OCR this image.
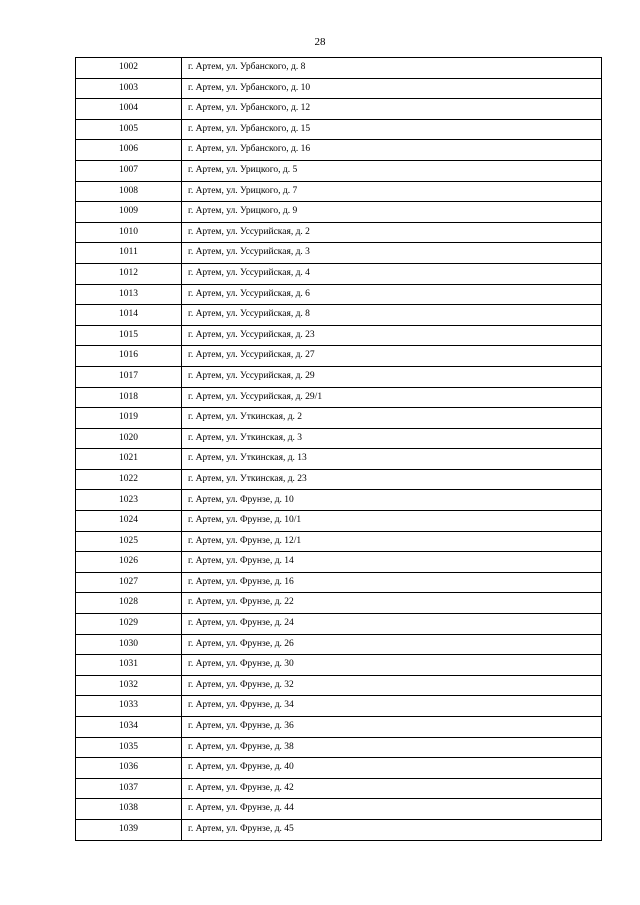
28
1002	г. Артем, ул. Урбанского, д. 8
1003	г. Артем, ул. Урбанского, д. 10
1004	г. Артем, ул. Урбанского, д. 12
1005	г. Артем, ул. Урбанского, д. 15
1006	г. Артем, ул. Урбанского, д. 16
1007	г. Артем, ул. Урицкого, д. 5
1008	г. Артем, ул. Урицкого, д. 7
1009	г. Артем, ул. Урицкого, д. 9
1010	г. Артем, ул. Уссурийская, д. 2
1011	г. Артем, ул. Уссурийская, д. 3
1012	г. Артем, ул. Уссурийская, д. 4
1013	г. Артем, ул. Уссурийская, д. 6
1014	г. Артем, ул. Уссурийская, д. 8
1015	г. Артем, ул. Уссурийская, д. 23
1016	г. Артем, ул. Уссурийская, д. 27
1017	г. Артем, ул. Уссурийская, д. 29
1018	г. Артем, ул. Уссурийская, д. 29/1
1019	г. Артем, ул. Уткинская, д. 2
1020	г. Артем, ул. Уткинская, д. 3
1021	г. Артем, ул. Уткинская, д. 13
1022	г. Артем, ул. Уткинская, д. 23
1023	г. Артем, ул. Фрунзе, д. 10
1024	г. Артем, ул. Фрунзе, д. 10/1
1025	г. Артем, ул. Фрунзе, д. 12/1
1026	г. Артем, ул. Фрунзе, д. 14
1027	г. Артем, ул. Фрунзе, д. 16
1028	г. Артем, ул. Фрунзе, д. 22
1029	г. Артем, ул. Фрунзе, д. 24
1030	г. Артем, ул. Фрунзе, д. 26
1031	г. Артем, ул. Фрунзе, д. 30
1032	г. Артем, ул. Фрунзе, д. 32
1033	г. Артем, ул. Фрунзе, д. 34
1034	г. Артем, ул. Фрунзе, д. 36
1035	г. Артем, ул. Фрунзе, д. 38
1036	г. Артем, ул. Фрунзе, д. 40
1037	г. Артем, ул. Фрунзе, д. 42
1038	г. Артем, ул. Фрунзе, д. 44
1039	г. Артем, ул. Фрунзе, д. 45
